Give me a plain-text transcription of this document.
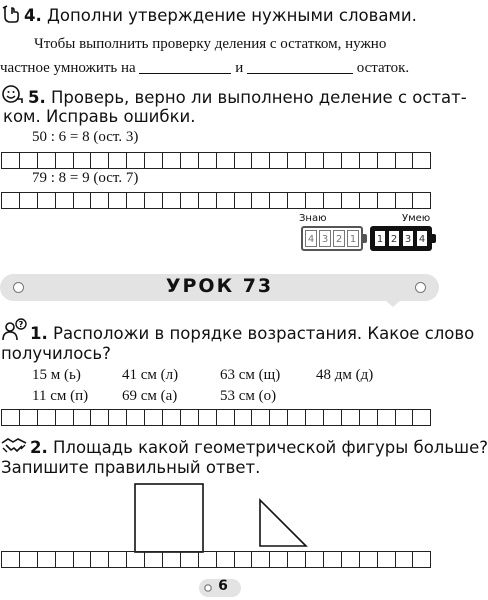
4. Дополни утверждение нужными словами.
Чтобы выполнить проверку деления с остатком, нужно
частное умножить на	и	остаток.
5. Проверь, верно ли выполнено деление с остат-
ком. Исправь ошибки.
50 : 6 = 8 (ост. 3)
79 : 8 = 9 (ост. 7)
Знаю
4 3 2 1
Умею
1 2 3 4
УРОК 73
? 1. Расположи в порядке возрастания. Какое слово
получилось?
15 м (ь)	41 см (л)	63 см (щ) 48 дм (д)
11 см (п) 69 см (а)	53 см (о)
2. Площадь какой геометрической фигуры больше?
Запишите правильный ответ.
6
